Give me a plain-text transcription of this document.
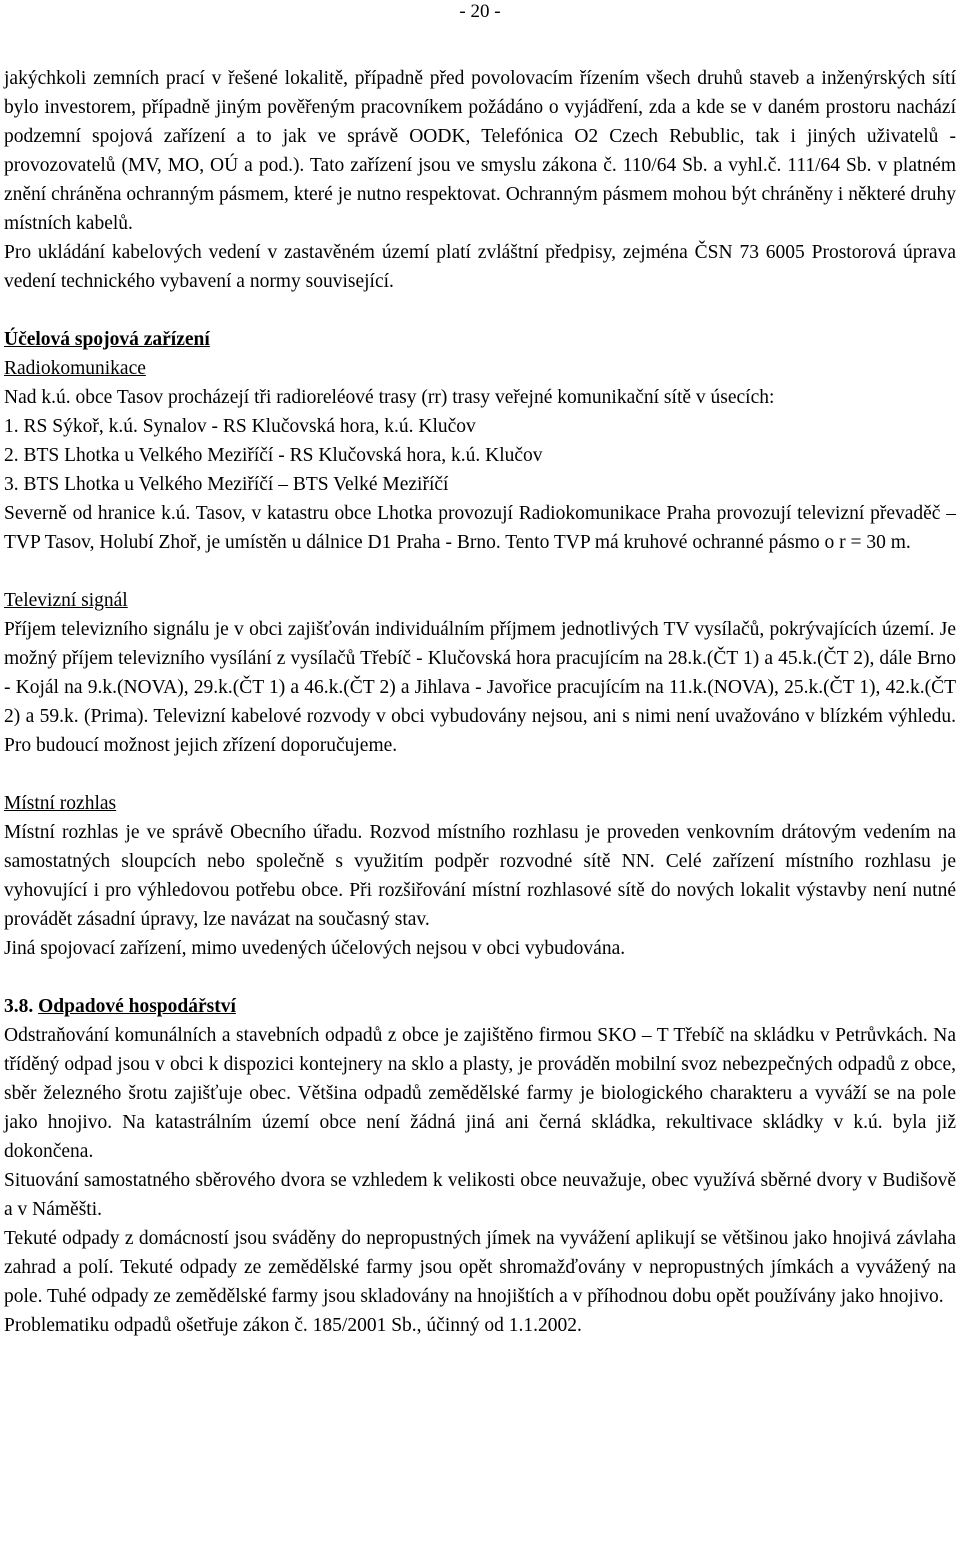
- 20 -

jakýchkoli zemních prací v řešené lokalitě, případně před povolovacím řízením všech druhů staveb a inženýrských sítí bylo investorem, případně jiným pověřeným pracovníkem požádáno o vyjádření, zda a kde se v daném prostoru nachází podzemní spojová zařízení a to jak ve správě OODK, Telefónica O2 Czech Rebublic, tak i jiných uživatelů - provozovatelů (MV, MO, OÚ a pod.). Tato zařízení jsou ve smyslu zákona č. 110/64 Sb. a vyhl.č. 111/64 Sb. v platném znění chráněna ochranným pásmem, které je nutno respektovat. Ochranným pásmem mohou být chráněny i některé druhy místních kabelů.

Pro ukládání kabelových vedení v zastavěném území platí zvláštní předpisy, zejména ČSN 73 6005 Prostorová úprava vedení technického vybavení a normy související.

Účelová spojová zařízení

Radiokomunikace

Nad k.ú. obce Tasov procházejí tři radioreléové trasy (rr) trasy veřejné komunikační sítě v úsecích:

1. RS Sýkoř, k.ú. Synalov - RS Klučovská hora, k.ú. Klučov

2. BTS Lhotka u Velkého Meziříčí - RS Klučovská hora, k.ú. Klučov

3. BTS Lhotka u Velkého Meziříčí – BTS Velké Meziříčí

Severně od hranice k.ú. Tasov, v katastru obce Lhotka provozují Radiokomunikace Praha provozují televizní převaděč – TVP Tasov, Holubí Zhoř, je umístěn u dálnice D1 Praha - Brno. Tento TVP má kruhové ochranné pásmo o r = 30 m.

Televizní signál

Příjem televizního signálu je v obci zajišťován individuálním příjmem jednotlivých TV vysílačů, pokrývajících území. Je možný příjem televizního vysílání z vysílačů Třebíč - Klučovská hora pracujícím na 28.k.(ČT 1) a 45.k.(ČT 2), dále Brno - Kojál na 9.k.(NOVA), 29.k.(ČT 1) a 46.k.(ČT 2) a Jihlava - Javořice pracujícím na 11.k.(NOVA), 25.k.(ČT 1), 42.k.(ČT 2) a 59.k. (Prima). Televizní kabelové rozvody v obci vybudovány nejsou, ani s nimi není uvažováno v blízkém výhledu. Pro budoucí možnost jejich zřízení doporučujeme.

Místní rozhlas

Místní rozhlas je ve správě Obecního úřadu. Rozvod místního rozhlasu je proveden venkovním drátovým vedením na samostatných sloupcích nebo společně s využitím podpěr rozvodné sítě NN. Celé zařízení místního rozhlasu je vyhovující i pro výhledovou potřebu obce. Při rozšiřování místní rozhlasové sítě do nových lokalit výstavby není nutné provádět zásadní úpravy, lze navázat na současný stav.

Jiná spojovací zařízení, mimo uvedených účelových nejsou v obci vybudována.

3.8. Odpadové hospodářství

Odstraňování komunálních a stavebních odpadů z obce je zajištěno firmou SKO – T Třebíč na skládku v Petrůvkách. Na tříděný odpad jsou v obci k dispozici kontejnery na sklo a plasty, je prováděn mobilní svoz nebezpečných odpadů z obce, sběr železného šrotu zajišťuje obec. Většina odpadů zemědělské farmy je biologického charakteru a vyváží se na pole jako hnojivo. Na katastrálním území obce není žádná jiná ani černá skládka, rekultivace skládky v k.ú. byla již dokončena.

Situování samostatného sběrového dvora se vzhledem k velikosti obce neuvažuje, obec využívá sběrné dvory v Budišově a v Náměšti.

Tekuté odpady z domácností jsou sváděny do nepropustných jímek na vyvážení aplikují se většinou jako hnojivá závlaha zahrad a polí. Tekuté odpady ze zemědělské farmy jsou opět shromažďovány v nepropustných jímkách a vyvážený na pole. Tuhé odpady ze zemědělské farmy jsou skladovány na hnojištích a v příhodnou dobu opět používány jako hnojivo.

Problematiku odpadů ošetřuje zákon č. 185/2001 Sb., účinný od 1.1.2002.
